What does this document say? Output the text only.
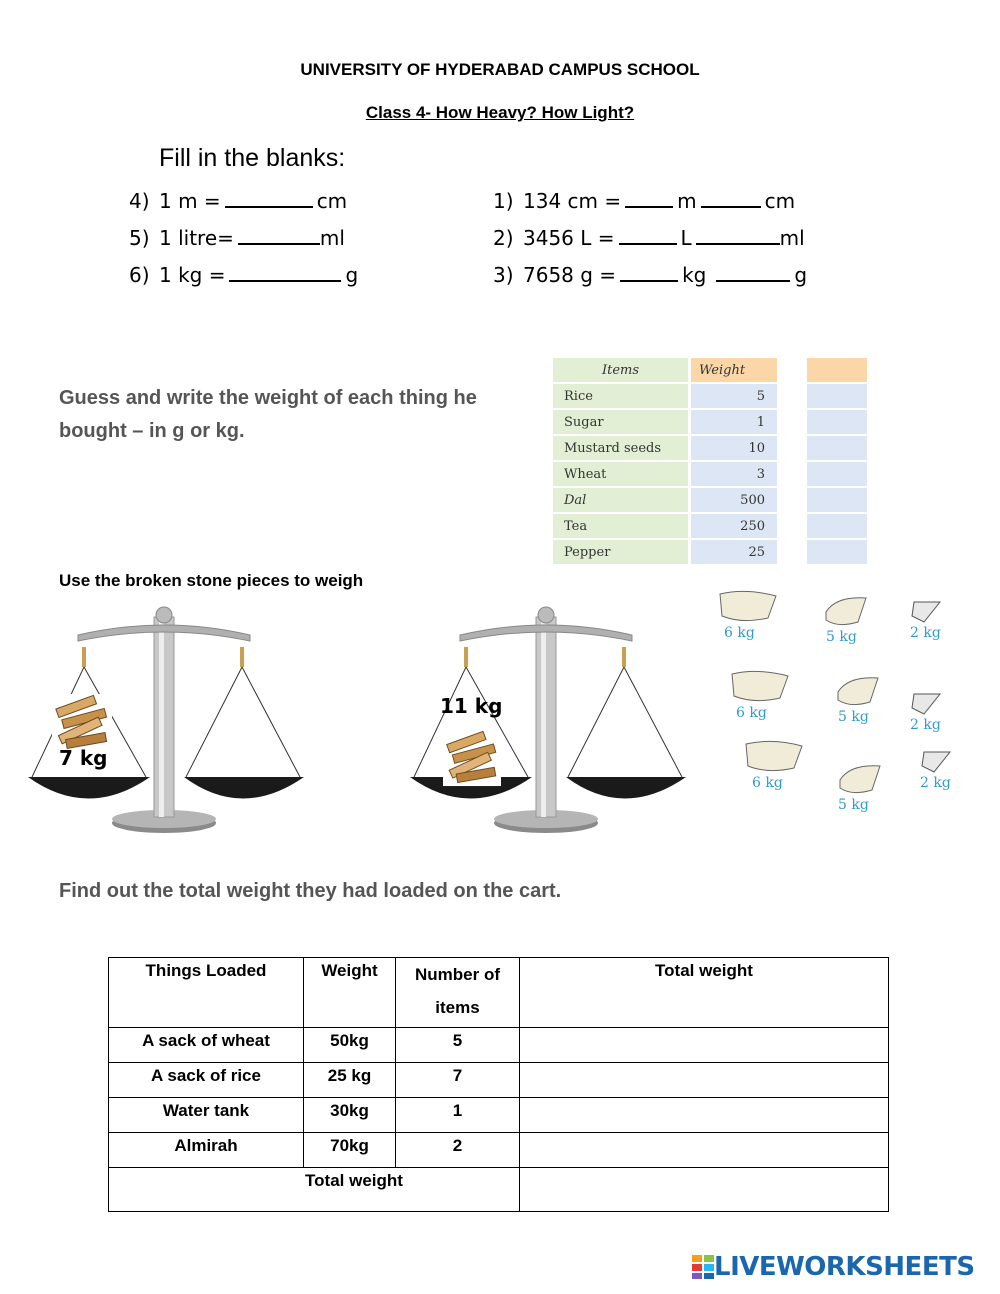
UNIVERSITY OF HYDERABAD CAMPUS SCHOOL
Class 4- How Heavy? How Light?
Fill in the blanks:
4) 1 m =	cm
5) 1 litre=	ml
6) 1 kg =	g
1) 134 cm =	m	cm
2) 3456 L =	L	ml
3) 7658 g =	kg	g
Guess and write the weight of each thing he bought – in g or kg.
Items	Weight		
Rice	5		
Sugar	1		
Mustard seeds	10		
Wheat	3		
Dal	500		
Tea	250		
Pepper	25		
Use the broken stone pieces to weigh
7 kg
11 kg
6 kg	5 kg	2 kg
6 kg	5 kg	2 kg
6 kg
5 kg
2 kg
Find out the total weight they had loaded on the cart.
Things Loaded	Weight	Number of items	Total weight
A sack of wheat	50kg	5	
A sack of rice	25 kg	7	
Water tank	30kg	1	
Almirah	70kg	2	
Total weight			
LIVEWORKSHEETS
